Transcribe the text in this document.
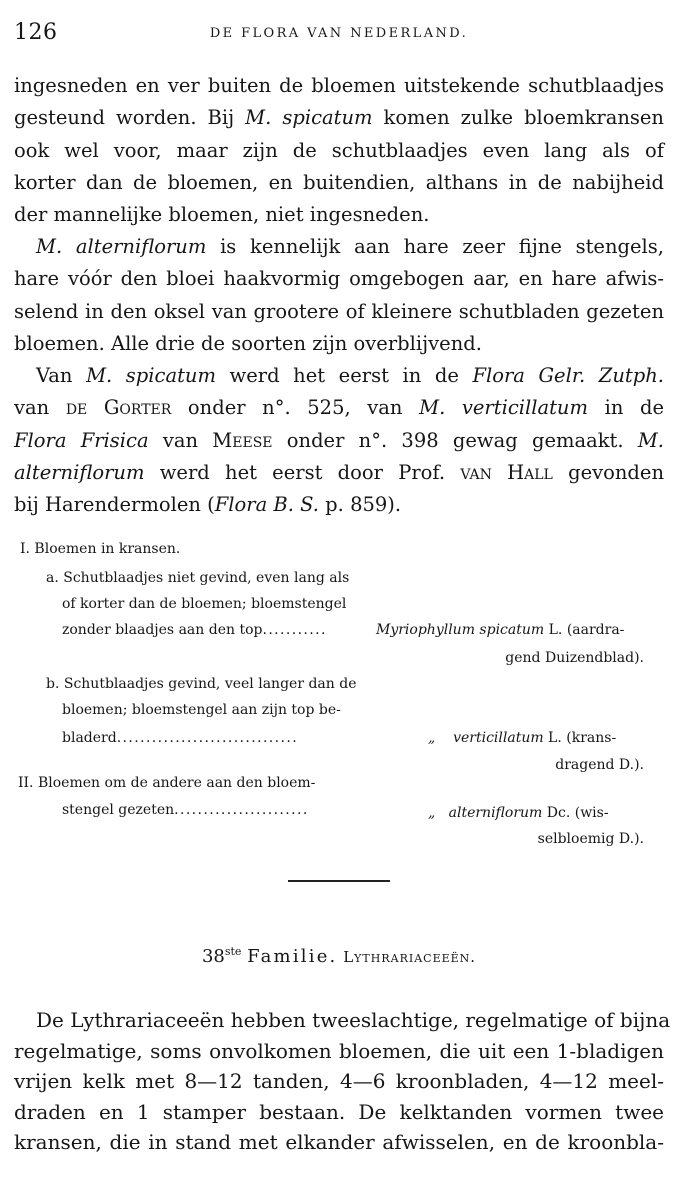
126	DE FLORA VAN NEDERLAND.
ingesneden en ver buiten de bloemen uitstekende schutblaadjes
gesteund worden. Bij M. spicatum komen zulke bloemkransen
ook wel voor, maar zijn de schutblaadjes even lang als of
korter dan de bloemen, en buitendien, althans in de nabijheid
der mannelijke bloemen, niet ingesneden.
M. alterniflorum is kennelijk aan hare zeer fijne stengels,
hare vóór den bloei haakvormig omgebogen aar, en hare afwis-
selend in den oksel van grootere of kleinere schutbladen gezeten
bloemen. Alle drie de soorten zijn overblijvend.
Van M. spicatum werd het eerst in de Flora Gelr. Zutph.
van de Gorter onder n°. 525, van M. verticillatum in de
Flora Frisica van Meese onder n°. 398 gewag gemaakt. M.
alterniflorum werd het eerst door Prof. van Hall gevonden
bij Harendermolen (Flora B. S. p. 859).
I. Bloemen in kransen.
a. Schutblaadjes niet gevind, even lang als
of korter dan de bloemen; bloemstengel
zonder blaadjes aan den top...........	Myriophyllum spicatum L. (aardra-
gend Duizendblad).
b. Schutblaadjes gevind, veel langer dan de
bloemen; bloemstengel aan zijn top be-
bladerd...............................	„ verticillatum L. (krans-
dragend D.).
II. Bloemen om de andere aan den bloem-
stengel gezeten.......................	„ alterniflorum Dc. (wis-
selbloemig D.).
38ste Familie. Lythrariaceeën.
De Lythrariaceeën hebben tweeslachtige, regelmatige of bijna
regelmatige, soms onvolkomen bloemen, die uit een 1-bladigen
vrijen kelk met 8—12 tanden, 4—6 kroonbladen, 4—12 meel-
draden en 1 stamper bestaan. De kelktanden vormen twee
kransen, die in stand met elkander afwisselen, en de kroonbla-
